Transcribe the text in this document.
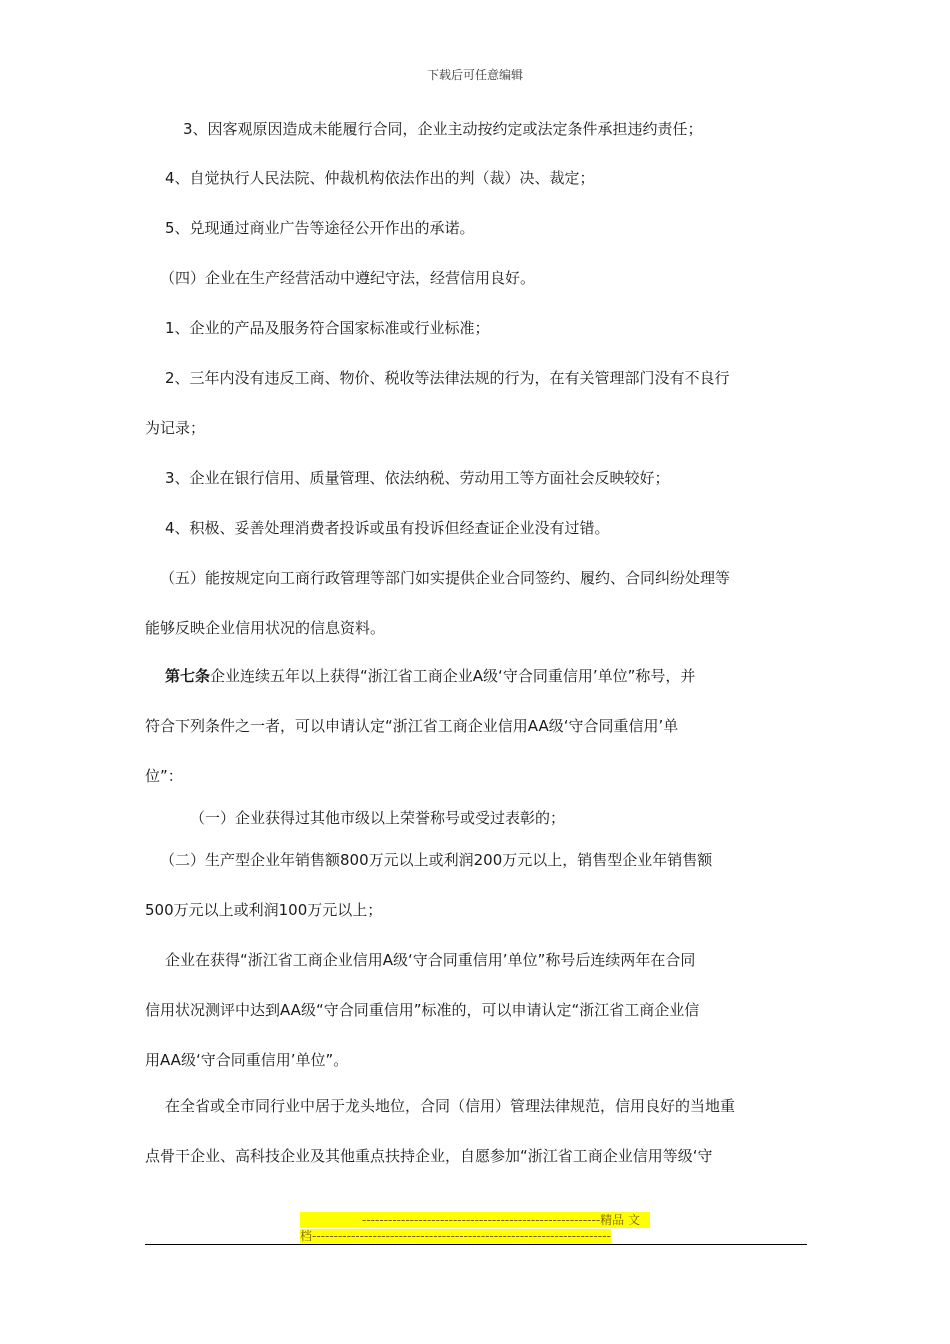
下载后可任意编辑
3、因客观原因造成未能履行合同，企业主动按约定或法定条件承担违约责任；
4、自觉执行人民法院、仲裁机构依法作出的判（裁）决、裁定；
5、兑现通过商业广告等途径公开作出的承诺。
（四）企业在生产经营活动中遵纪守法，经营信用良好。
1、企业的产品及服务符合国家标准或行业标准；
2、三年内没有违反工商、物价、税收等法律法规的行为，在有关管理部门没有不良行
为记录；
3、企业在银行信用、质量管理、依法纳税、劳动用工等方面社会反映较好；
4、积极、妥善处理消费者投诉或虽有投诉但经查证企业没有过错。
（五）能按规定向工商行政管理等部门如实提供企业合同签约、履约、合同纠纷处理等
能够反映企业信用状况的信息资料。
第七条企业连续五年以上获得“浙江省工商企业A级‘守合同重信用’单位”称号，并
符合下列条件之一者，可以申请认定“浙江省工商企业信用AA级‘守合同重信用’单
位”：
（一）企业获得过其他市级以上荣誉称号或受过表彰的；
（二）生产型企业年销售额800万元以上或利润200万元以上，销售型企业年销售额
500万元以上或利润100万元以上；
企业在获得“浙江省工商企业信用A级‘守合同重信用’单位”称号后连续两年在合同
信用状况测评中达到AA级“守合同重信用”标准的，可以申请认定“浙江省工商企业信
用AA级‘守合同重信用’单位”。
在全省或全市同行业中居于龙头地位，合同（信用）管理法律规范，信用良好的当地重
点骨干企业、高科技企业及其他重点扶持企业，自愿参加“浙江省工商企业信用等级‘守
-------------------------------------------------------精品 文
档---------------------------------------------------------------------
